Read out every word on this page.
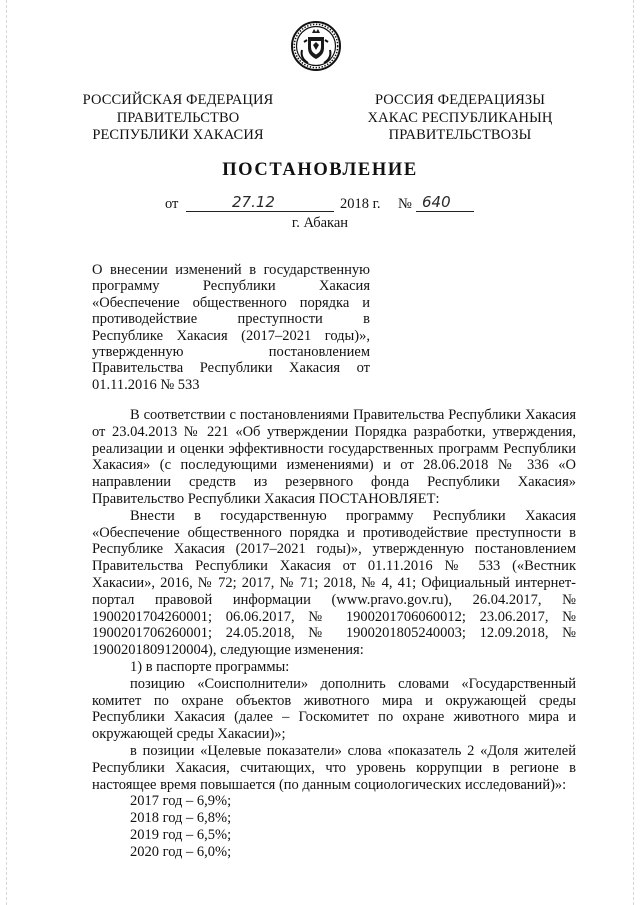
РОССИЙСКАЯ ФЕДЕРАЦИЯ
ПРАВИТЕЛЬСТВО
РЕСПУБЛИКИ ХАКАСИЯ
РОССИЯ ФЕДЕРАЦИЯЗЫ
ХАКАС РЕСПУБЛИКАНЫҢ
ПРАВИТЕЛЬСТВОЗЫ
ПОСТАНОВЛЕНИЕ
от	27.12	2018 г. № 640
г. Абакан
О внесении изменений в государственную программу Республики Хакасия «Обеспечение общественного порядка и противодействие преступности в Республике Хакасия (2017–2021 годы)», утвержденную постановлением Правительства Республики Хакасия от 01.11.2016 № 533

В соответствии с постановлениями Правительства Республики Хакасия от 23.04.2013 № 221 «Об утверждении Порядка разработки, утверждения, реализации и оценки эффективности государственных программ Республики Хакасия» (с последующими изменениями) и от 28.06.2018 № 336 «О направлении средств из резервного фонда Республики Хакасия» Правительство Республики Хакасия ПОСТАНОВЛЯЕТ:

Внести в государственную программу Республики Хакасия «Обеспечение общественного порядка и противодействие преступности в Республике Хакасия (2017–2021 годы)», утвержденную постановлением Правительства Республики Хакасия от 01.11.2016 № 533 («Вестник Хакасии», 2016, № 72; 2017, № 71; 2018, № 4, 41; Официальный интернет-портал правовой информации (www.pravo.gov.ru), 26.04.2017, № 1900201704260001; 06.06.2017, № 1900201706060012; 23.06.2017, № 1900201706260001; 24.05.2018, № 1900201805240003; 12.09.2018, № 1900201809120004), следующие изменения:

1) в паспорте программы:

позицию «Соисполнители» дополнить словами «Государственный комитет по охране объектов животного мира и окружающей среды Республики Хакасия (далее – Госкомитет по охране животного мира и окружающей среды Хакасии)»;

в позиции «Целевые показатели» слова «показатель 2 «Доля жителей Республики Хакасия, считающих, что уровень коррупции в регионе в настоящее время повышается (по данным социологических исследований)»:

2017 год – 6,9%;

2018 год – 6,8%;

2019 год – 6,5%;

2020 год – 6,0%;
